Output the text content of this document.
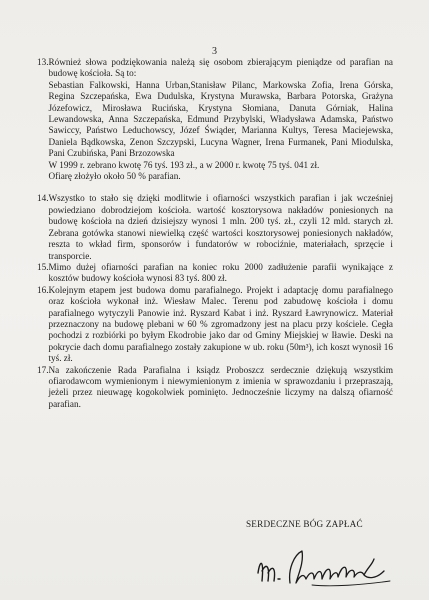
3
13. Również słowa podziękowania należą się osobom zbierającym pieniądze od parafian na budowę kościoła. Są to:
Sebastian Falkowski, Hanna Urban,Stanisław Pilanc, Markowska Zofia, Irena Górska, Regina Szczepańska, Ewa Dudulska, Krystyna Murawska, Barbara Potorska, Grażyna Józefowicz, Mirosława Rucińska, Krystyna Słomiana, Danuta Górniak, Halina Lewandowska, Anna Szczepańska, Edmund Przybylski, Władysława Adamska, Państwo Sawiccy, Państwo Leduchowscy, Józef Świąder, Marianna Kultys, Teresa Maciejewska, Daniela Bądkowska, Zenon Szczypski, Lucyna Wagner, Irena Furmanek, Pani Miodulska, Pani Czubińska, Pani Brzozowska
W 1999 r. zebrano kwotę 76 tyś. 193 zł., a w 2000 r. kwotę 75 tyś. 041 zł.
Ofiarę złożyło około 50 % parafian.
14. Wszystko to stało się dzięki modlitwie i ofiarności wszystkich parafian i jak wcześniej powiedziano dobrodziejom kościoła. wartość kosztorysowa nakładów poniesionych na budowę kościoła na dzień dzisiejszy wynosi 1 mln. 200 tyś. zł., czyli 12 mld. starych zł. Zebrana gotówka stanowi niewielką część wartości kosztorysowej poniesionych nakładów, reszta to wkład firm, sponsorów i fundatorów w robociźnie, materiałach, sprzęcie i transporcie.
15. Mimo dużej ofiarności parafian na koniec roku 2000 zadłużenie parafii wynikające z kosztów budowy kościoła wynosi 83 tyś. 800 zł.
16. Kolejnym etapem jest budowa domu parafialnego. Projekt i adaptację domu parafialnego oraz kościoła wykonał inż. Wiesław Malec. Terenu pod zabudowę kościoła i domu parafialnego wytyczyli Panowie inż. Ryszard Kabat i inż. Ryszard Ławrynowicz. Materiał przeznaczony na budowę plebani w 60 % zgromadzony jest na placu przy kościele. Cegła pochodzi z rozbiórki po byłym Ekodrobie jako dar od Gminy Miejskiej w Iławie. Deski na pokrycie dach domu parafialnego zostały zakupione w ub. roku (50m³), ich koszt wynosił 16 tyś. zł.
17. Na zakończenie Rada Parafialna i ksiądz Proboszcz serdecznie dziękują wszystkim ofiarodawcom wymienionym i niewymienionym z imienia w sprawozdaniu i przepraszają, jeżeli przez nieuwagę kogokolwiek pominięto. Jednocześnie liczymy na dalszą ofiarność parafian.
SERDECZNE BÓG ZAPŁAĆ
